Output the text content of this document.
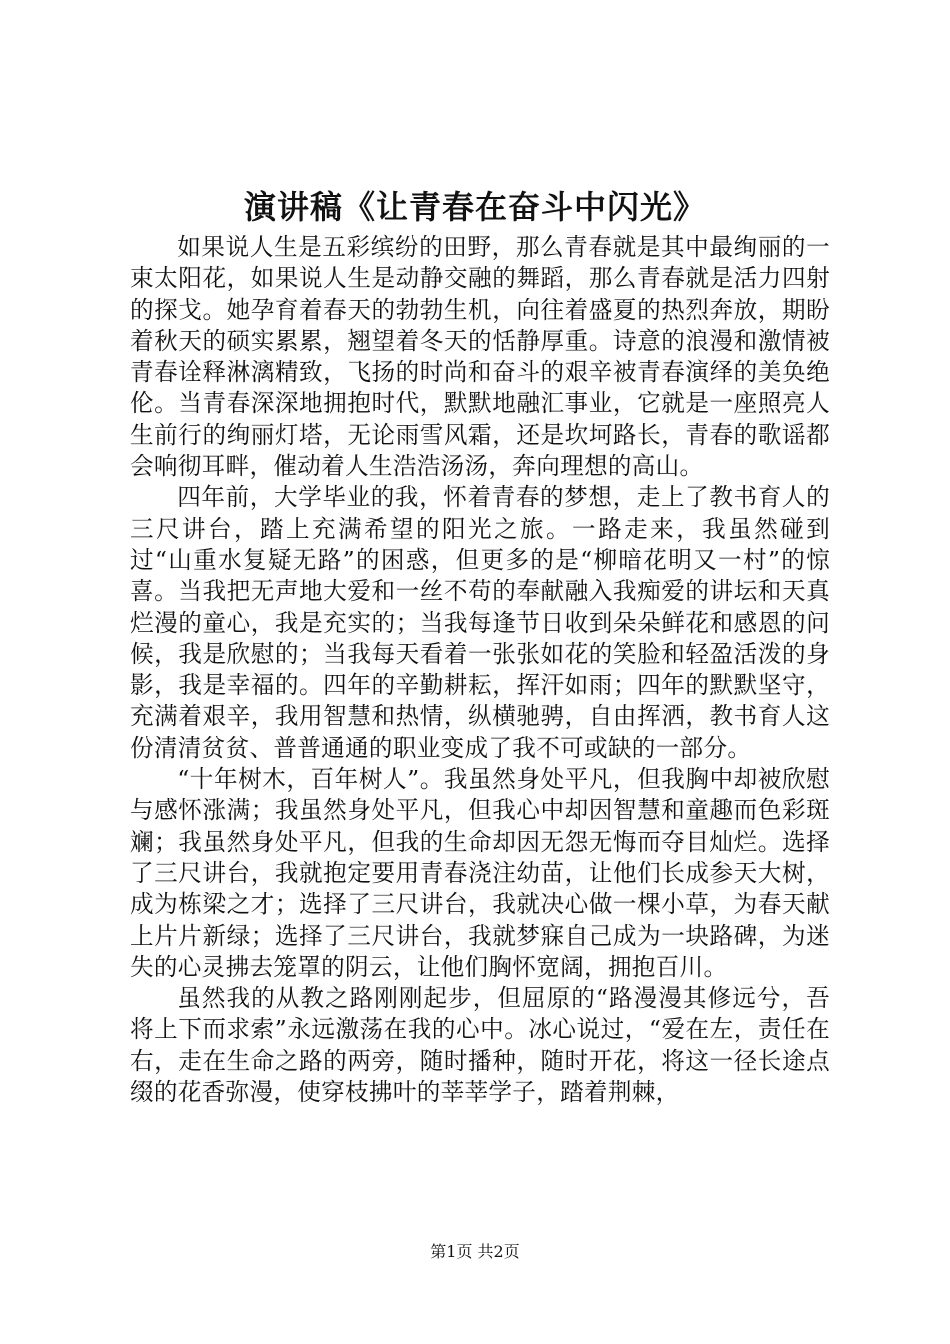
演讲稿《让青春在奋斗中闪光》

如果说人生是五彩缤纷的田野，那么青春就是其中最绚丽的一束太阳花，如果说人生是动静交融的舞蹈，那么青春就是活力四射的探戈。她孕育着春天的勃勃生机，向往着盛夏的热烈奔放，期盼着秋天的硕实累累，翘望着冬天的恬静厚重。诗意的浪漫和激情被青春诠释淋漓精致，飞扬的时尚和奋斗的艰辛被青春演绎的美奂绝伦。当青春深深地拥抱时代，默默地融汇事业，它就是一座照亮人生前行的绚丽灯塔，无论雨雪风霜，还是坎坷路长，青春的歌谣都会响彻耳畔，催动着人生浩浩汤汤，奔向理想的高山。

四年前，大学毕业的我，怀着青春的梦想，走上了教书育人的三尺讲台，踏上充满希望的阳光之旅。一路走来，我虽然碰到过“山重水复疑无路”的困惑，但更多的是“柳暗花明又一村”的惊喜。当我把无声地大爱和一丝不苟的奉献融入我痴爱的讲坛和天真烂漫的童心，我是充实的；当我每逢节日收到朵朵鲜花和感恩的问候，我是欣慰的；当我每天看着一张张如花的笑脸和轻盈活泼的身影，我是幸福的。四年的辛勤耕耘，挥汗如雨；四年的默默坚守，充满着艰辛，我用智慧和热情，纵横驰骋，自由挥洒，教书育人这份清清贫贫、普普通通的职业变成了我不可或缺的一部分。

“十年树木，百年树人”。我虽然身处平凡，但我胸中却被欣慰与感怀涨满；我虽然身处平凡，但我心中却因智慧和童趣而色彩斑斓；我虽然身处平凡，但我的生命却因无怨无悔而夺目灿烂。选择了三尺讲台，我就抱定要用青春浇注幼苗，让他们长成参天大树，成为栋梁之才；选择了三尺讲台，我就决心做一棵小草，为春天献上片片新绿；选择了三尺讲台，我就梦寐自己成为一块路碑，为迷失的心灵拂去笼罩的阴云，让他们胸怀宽阔，拥抱百川。

虽然我的从教之路刚刚起步，但屈原的“路漫漫其修远兮，吾将上下而求索”永远激荡在我的心中。冰心说过，“爱在左，责任在右，走在生命之路的两旁，随时播种，随时开花，将这一径长途点缀的花香弥漫，使穿枝拂叶的莘莘学子，踏着荆棘，

第1页 共2页
